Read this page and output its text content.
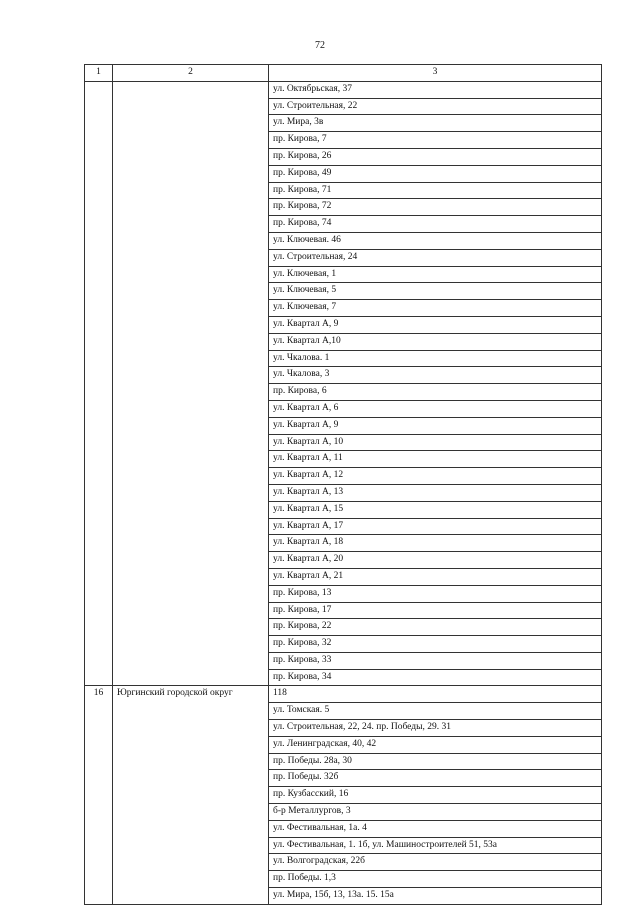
72
1	2	3
		ул. Октябрьская, 37
		ул. Строительная, 22
		ул. Мира, 3в
		пр. Кирова, 7
		пр. Кирова, 26
		пр. Кирова, 49
		пр. Кирова, 71
		пр. Кирова, 72
		пр. Кирова, 74
		ул. Ключевая. 46
		ул. Строительная, 24
		ул. Ключевая, 1
		ул. Ключевая, 5
		ул. Ключевая, 7
		ул. Квартал А, 9
		ул. Квартал А,10
		ул. Чкалова. 1
		ул. Чкалова, 3
		пр. Кирова, 6
		ул. Квартал А, 6
		ул. Квартал А, 9
		ул. Квартал А, 10
		ул. Квартал А, 11
		ул. Квартал А, 12
		ул. Квартал А, 13
		ул. Квартал А, 15
		ул. Квартал А, 17
		ул. Квартал А, 18
		ул. Квартал А, 20
		ул. Квартал А, 21
		пр. Кирова, 13
		пр. Кирова, 17
		пр. Кирова, 22
		пр. Кирова, 32
		пр. Кирова, 33
		пр. Кирова, 34
16	Юргинский городской округ	118
		ул. Томская. 5
		ул. Строительная, 22, 24. пр. Победы, 29. 31
		ул. Ленинградская, 40, 42
		пр. Победы. 28а, 30
		пр. Победы. 32б
		пр. Кузбасский, 16
		б-р Металлургов, 3
		ул. Фестивальная, 1а. 4
		ул. Фестивальная, 1. 1б, ул. Машиностроителей 51, 53а
		ул. Волгоградская, 22б
		пр. Победы. 1,3
		ул. Мира, 15б, 13, 13а. 15. 15а
